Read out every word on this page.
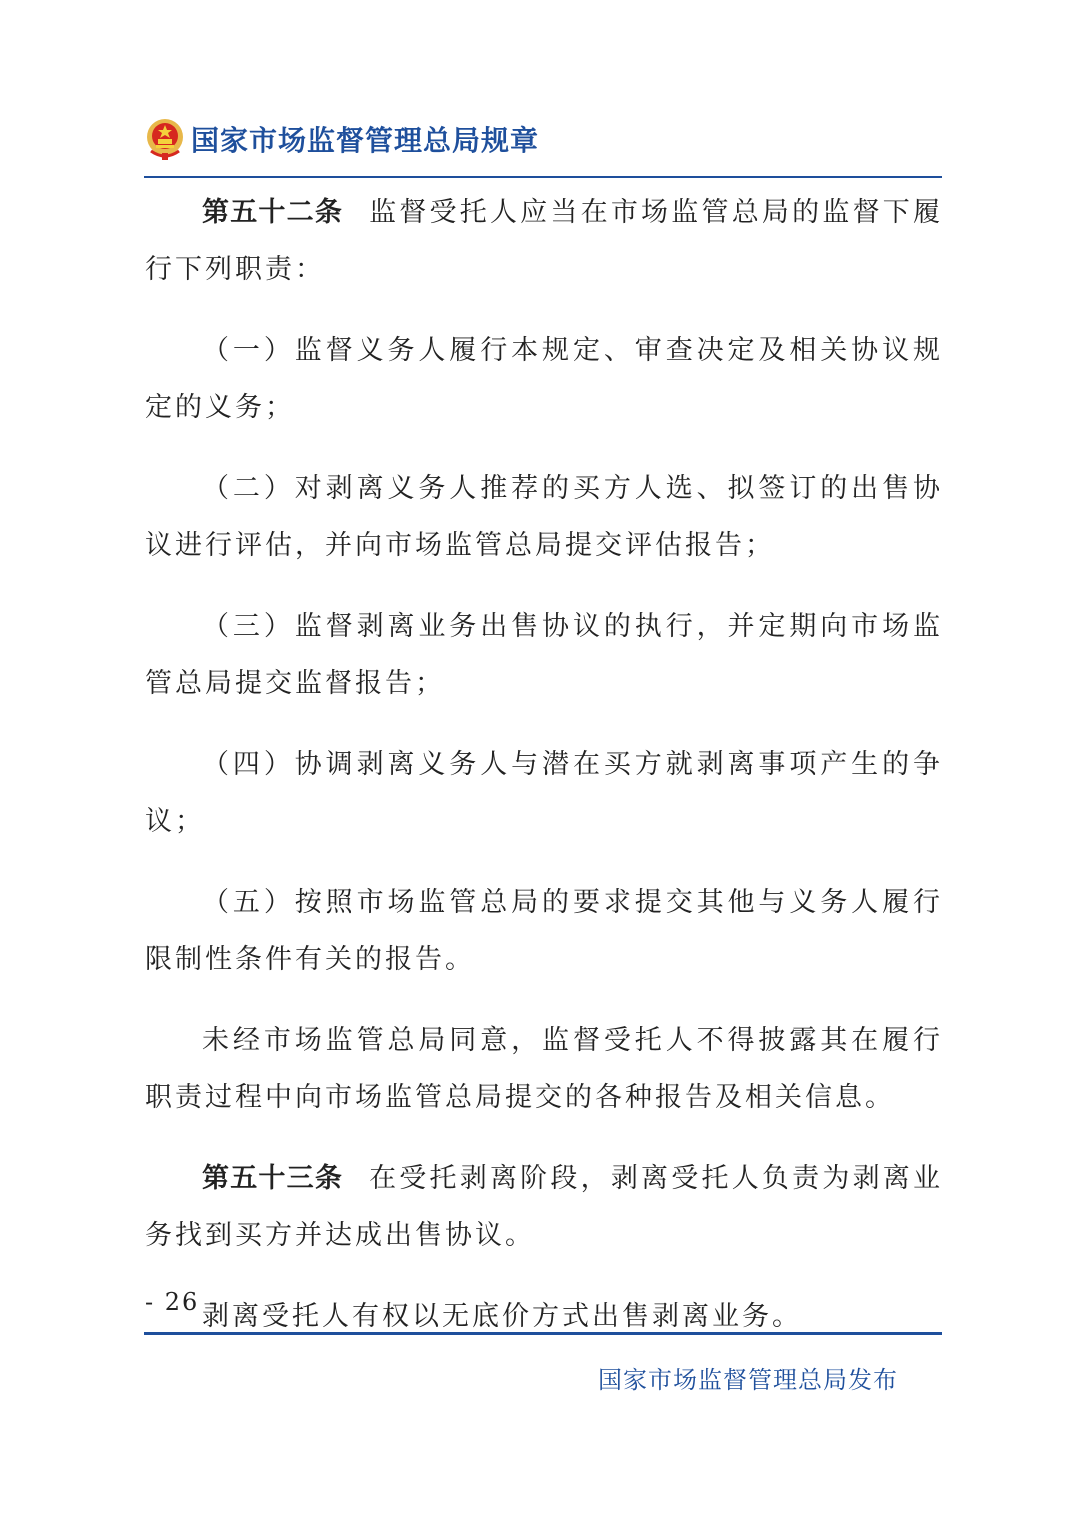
国家市场监督管理总局规章

第五十二条 监督受托人应当在市场监管总局的监督下履行下列职责：

（一）监督义务人履行本规定、审查决定及相关协议规定的义务；

（二）对剥离义务人推荐的买方人选、拟签订的出售协议进行评估，并向市场监管总局提交评估报告；

（三）监督剥离业务出售协议的执行，并定期向市场监管总局提交监督报告；

（四）协调剥离义务人与潜在买方就剥离事项产生的争议；

（五）按照市场监管总局的要求提交其他与义务人履行限制性条件有关的报告。

未经市场监管总局同意，监督受托人不得披露其在履行职责过程中向市场监管总局提交的各种报告及相关信息。

第五十三条 在受托剥离阶段，剥离受托人负责为剥离业务找到买方并达成出售协议。

剥离受托人有权以无底价方式出售剥离业务。

- 26 -
国家市场监督管理总局发布
